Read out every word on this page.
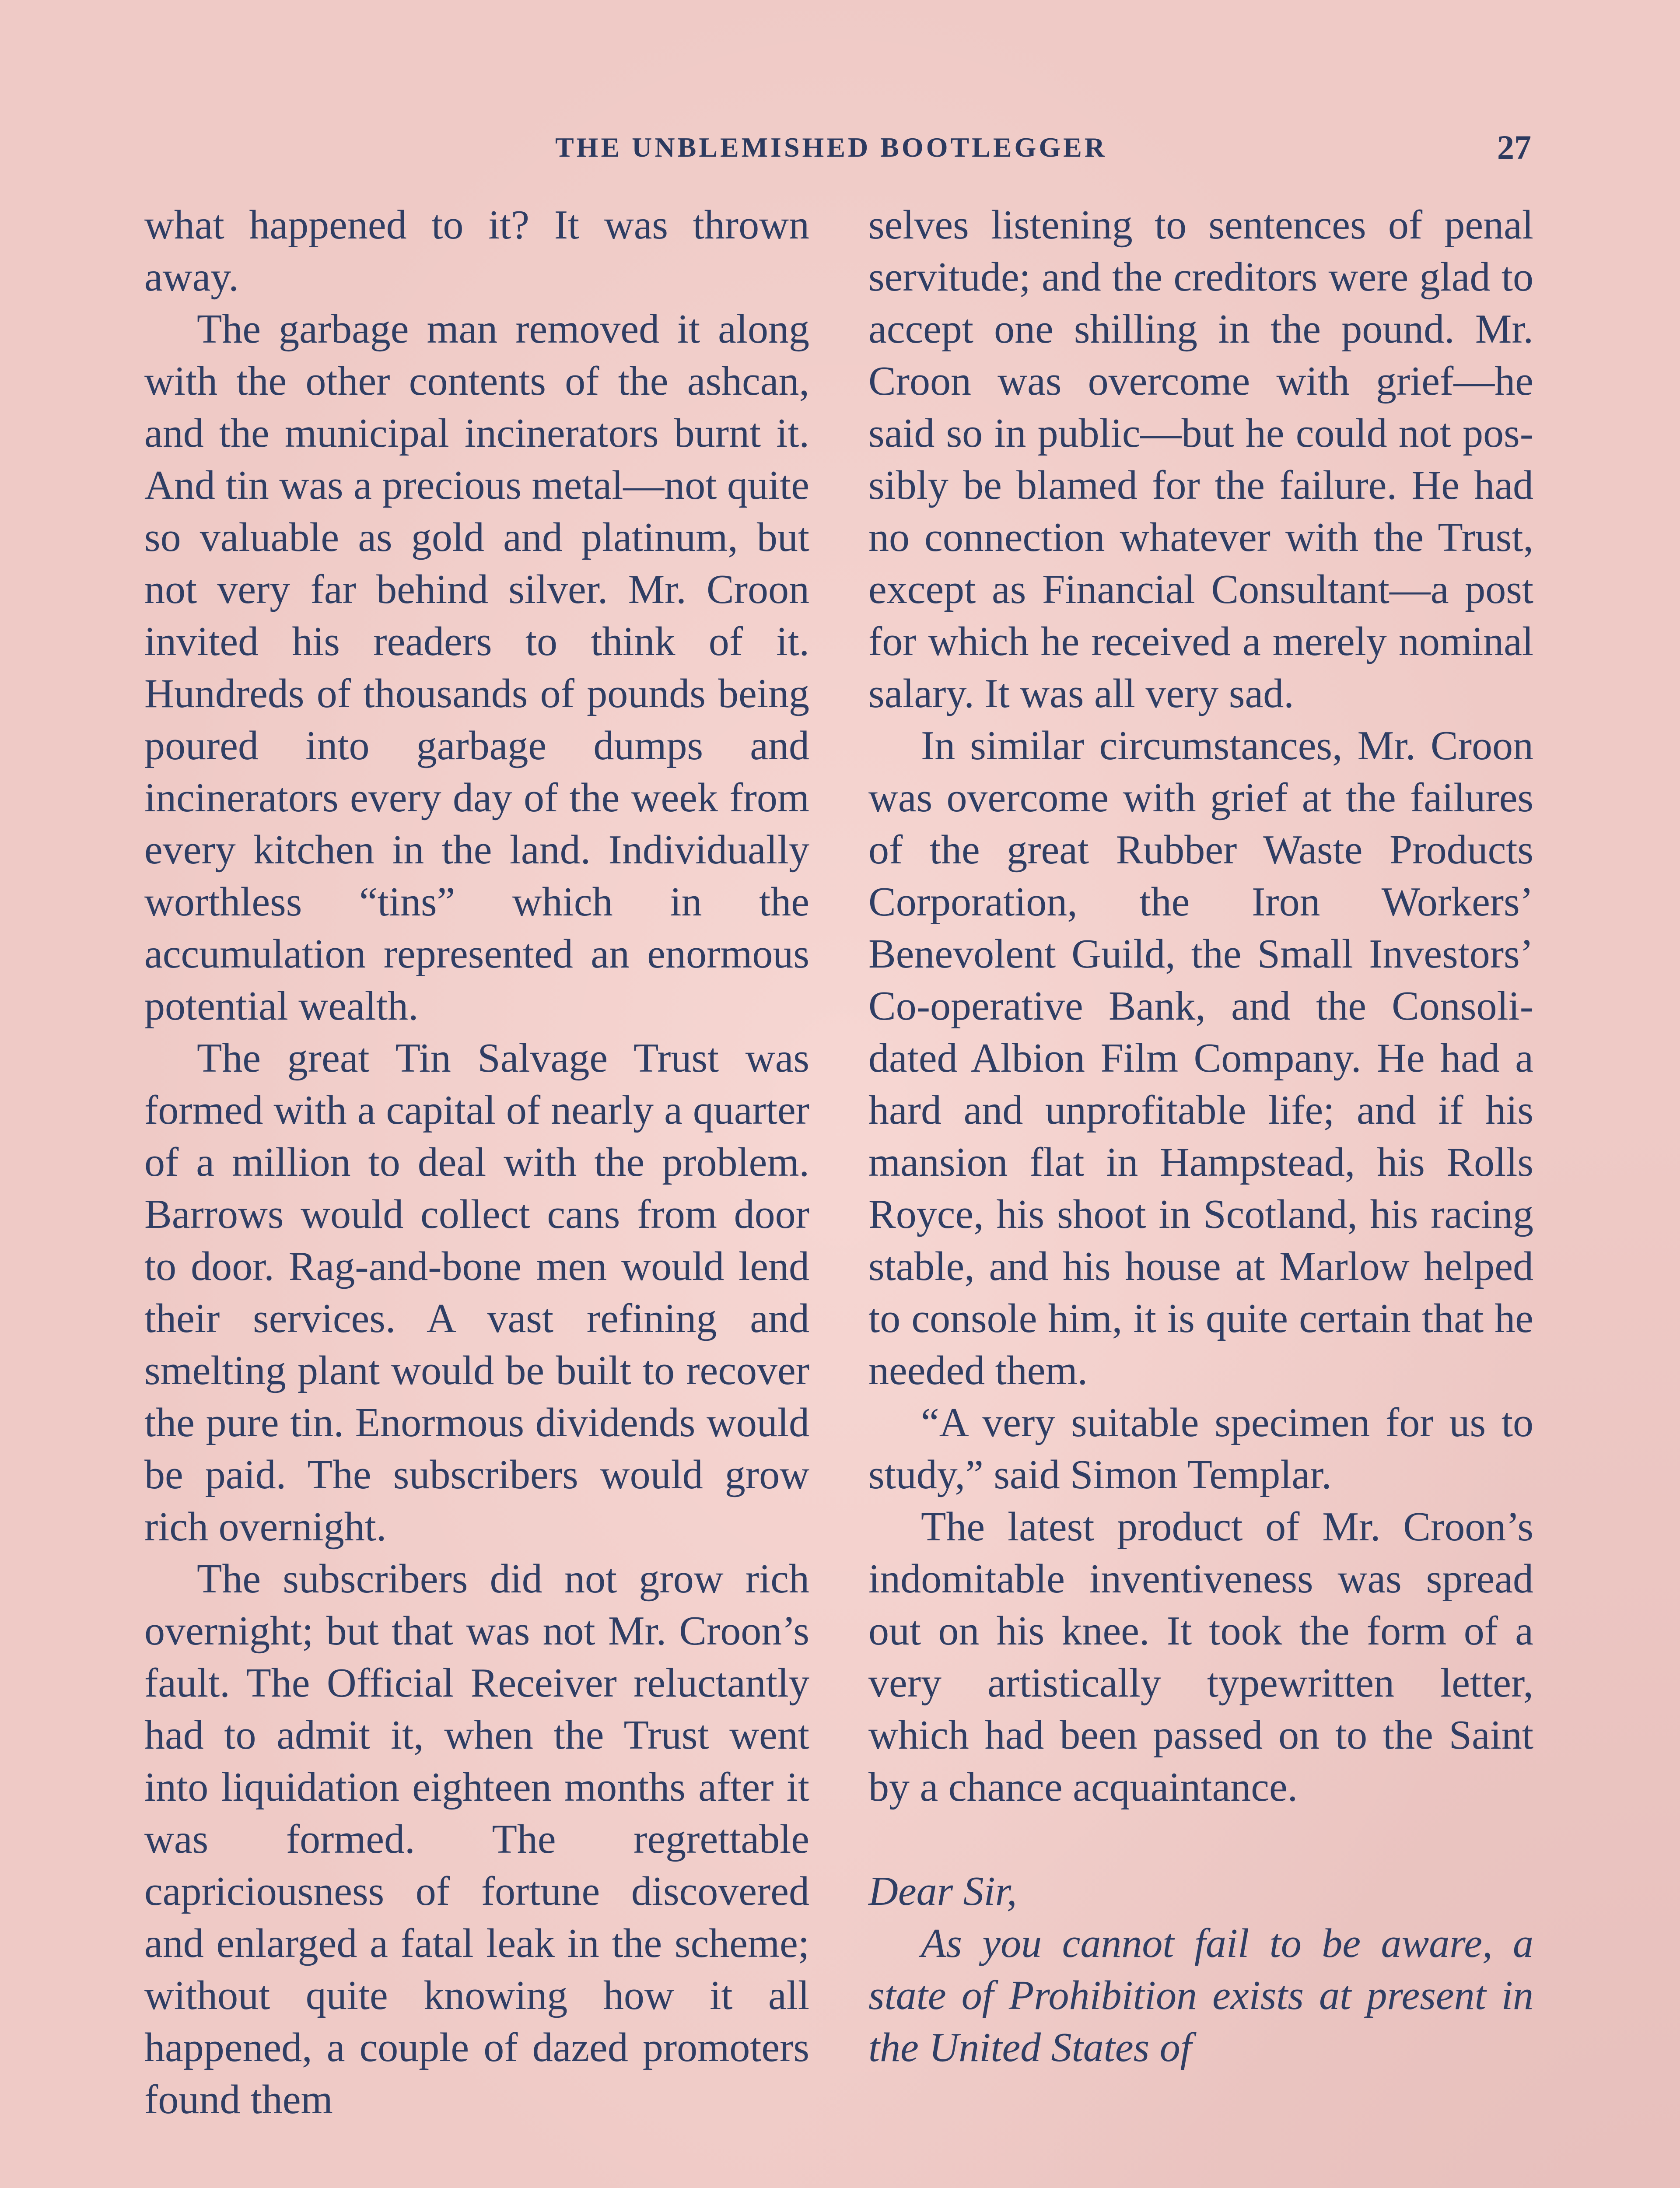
THE UNBLEMISHED BOOTLEGGER	27

what happened to it? It was thrown away.

The garbage man removed it along with the other contents of the ashcan, and the municipal incinerators burnt it. And tin was a precious metal—not quite so valuable as gold and platinum, but not very far behind silver. Mr. Croon invited his readers to think of it. Hundreds of thousands of pounds being poured into garbage dumps and incinerators every day of the week from every kitchen in the land. Individually worthless “tins” which in the accumulation represented an enormous potential wealth.

The great Tin Salvage Trust was formed with a capital of nearly a quarter of a million to deal with the problem. Barrows would collect cans from door to door. Rag-and-bone men would lend their services. A vast refining and smelting plant would be built to recover the pure tin. Enormous dividends would be paid. The subscribers would grow rich overnight.

The subscribers did not grow rich overnight; but that was not Mr. Croon’s fault. The Official Receiver reluctantly had to admit it, when the Trust went into liquidation eighteen months after it was formed. The regrettable capriciousness of fortune discovered and enlarged a fatal leak in the scheme; without quite knowing how it all happened, a couple of dazed promoters found them

selves listening to sentences of penal servitude; and the creditors were glad to accept one shilling in the pound. Mr. Croon was overcome with grief—he said so in public—but he could not possibly be blamed for the failure. He had no connection whatever with the Trust, except as Financial Consultant—a post for which he received a merely nominal salary. It was all very sad.

In similar circumstances, Mr. Croon was overcome with grief at the failures of the great Rubber Waste Products Corporation, the Iron Workers’ Benevolent Guild, the Small Investors’ Co-operative Bank, and the Consolidated Albion Film Company. He had a hard and unprofitable life; and if his mansion flat in Hampstead, his Rolls Royce, his shoot in Scotland, his racing stable, and his house at Marlow helped to console him, it is quite certain that he needed them.

“A very suitable specimen for us to study,” said Simon Templar.

The latest product of Mr. Croon’s indomitable inventiveness was spread out on his knee. It took the form of a very artistically typewritten letter, which had been passed on to the Saint by a chance acquaintance.

Dear Sir,

As you cannot fail to be aware, a state of Prohibition exists at present in the United States of
